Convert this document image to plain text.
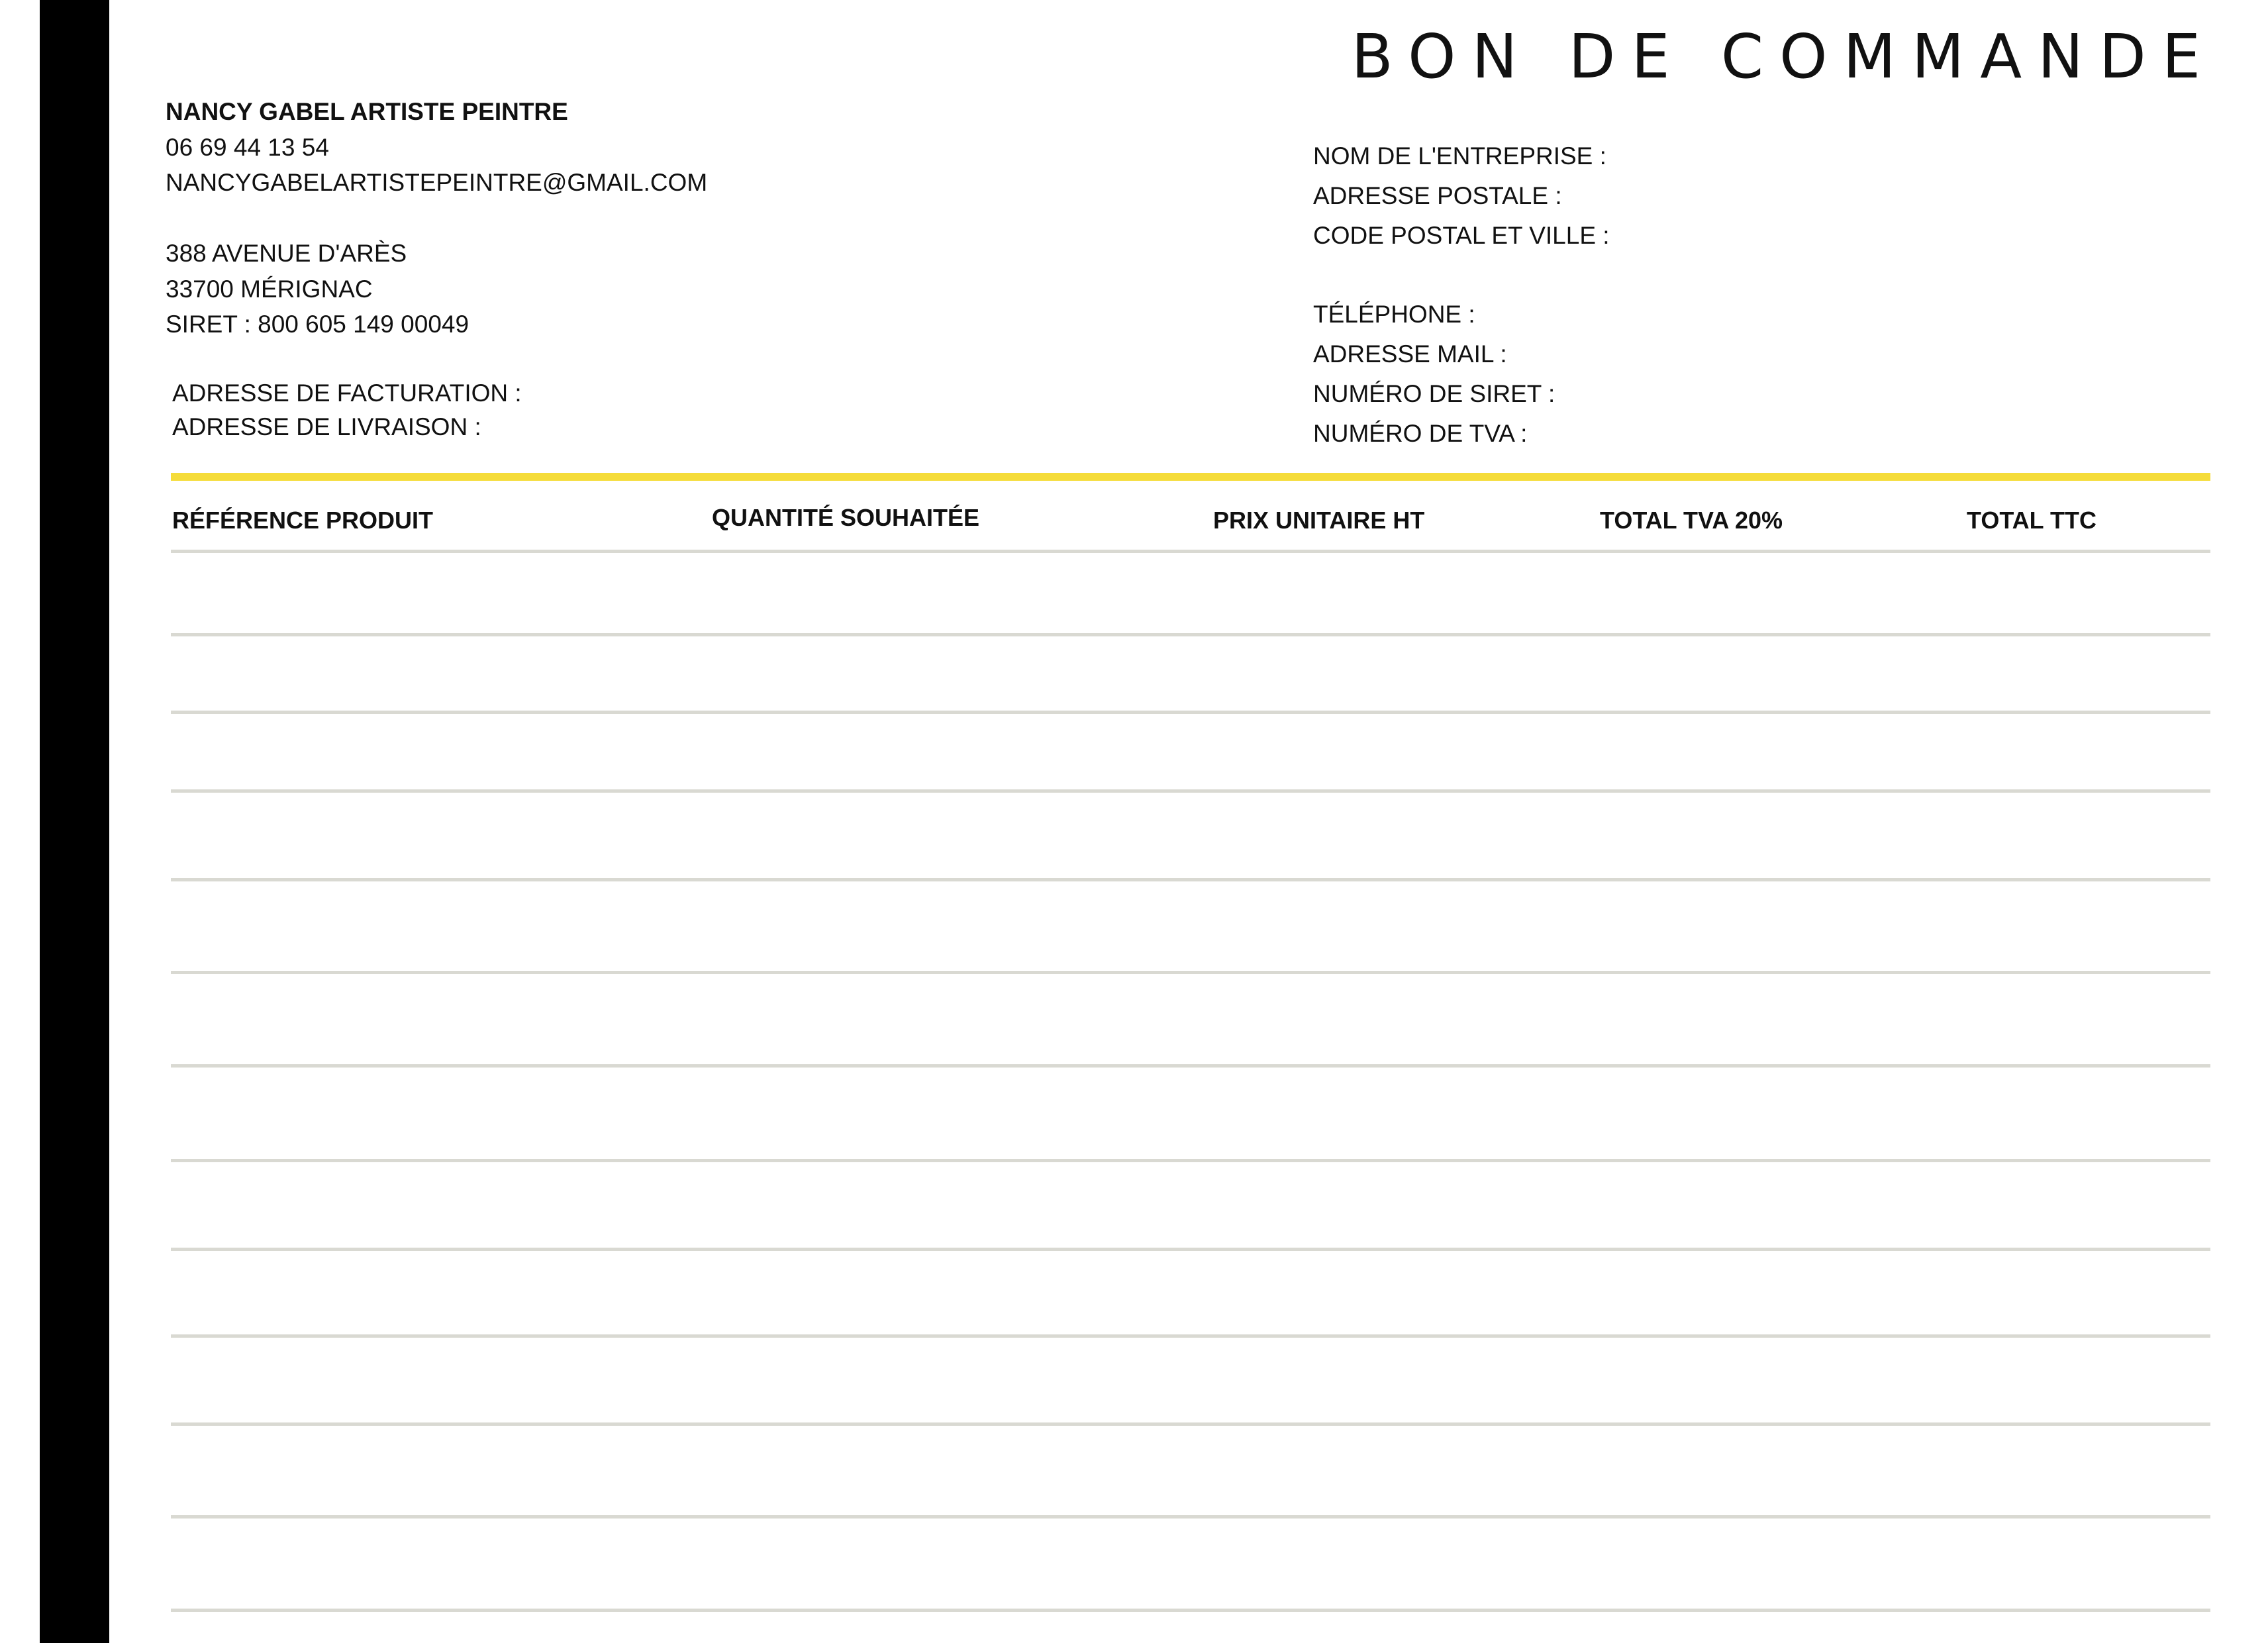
BON DE COMMANDE
NANCY GABEL ARTISTE PEINTRE
06 69 44 13 54
NANCYGABELARTISTEPEINTRE@GMAIL.COM
388 AVENUE D'ARÈS
33700 MÉRIGNAC
SIRET : 800 605 149 00049
ADRESSE DE FACTURATION :
ADRESSE DE LIVRAISON :
NOM DE L'ENTREPRISE :
ADRESSE POSTALE :
CODE POSTAL ET VILLE :
TÉLÉPHONE :
ADRESSE MAIL :
NUMÉRO DE SIRET :
NUMÉRO DE TVA :
RÉFÉRENCE PRODUIT	QUANTITÉ SOUHAITÉE	PRIX UNITAIRE HT	TOTAL TVA 20%	TOTAL TTC
